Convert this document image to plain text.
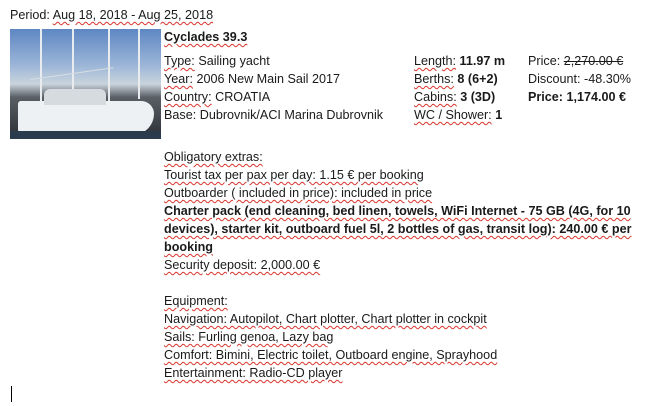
Period: Aug 18, 2018 - Aug 25, 2018
Cyclades 39.3
Type: Sailing yacht
Year: 2006 New Main Sail 2017
Country: CROATIA
Base: Dubrovnik/ACI Marina Dubrovnik
Length: 11.97 m
Berths: 8 (6+2)
Cabins: 3 (3D)
WC / Shower: 1
Price: 2,270.00 €
Discount: -48.30%
Price: 1,174.00 €
Obligatory extras:
Tourist tax per pax per day: 1.15 € per booking
Outboarder ( included in price): included in price
Charter pack (end cleaning, bed linen, towels, WiFi Internet - 75 GB (4G, for 10 devices), starter kit, outboard fuel 5l, 2 bottles of gas, transit log): 240.00 € per booking
Security deposit: 2,000.00 €
Equipment:
Navigation: Autopilot, Chart plotter, Chart plotter in cockpit
Sails: Furling genoa, Lazy bag
Comfort: Bimini, Electric toilet, Outboard engine, Sprayhood
Entertainment: Radio-CD player
